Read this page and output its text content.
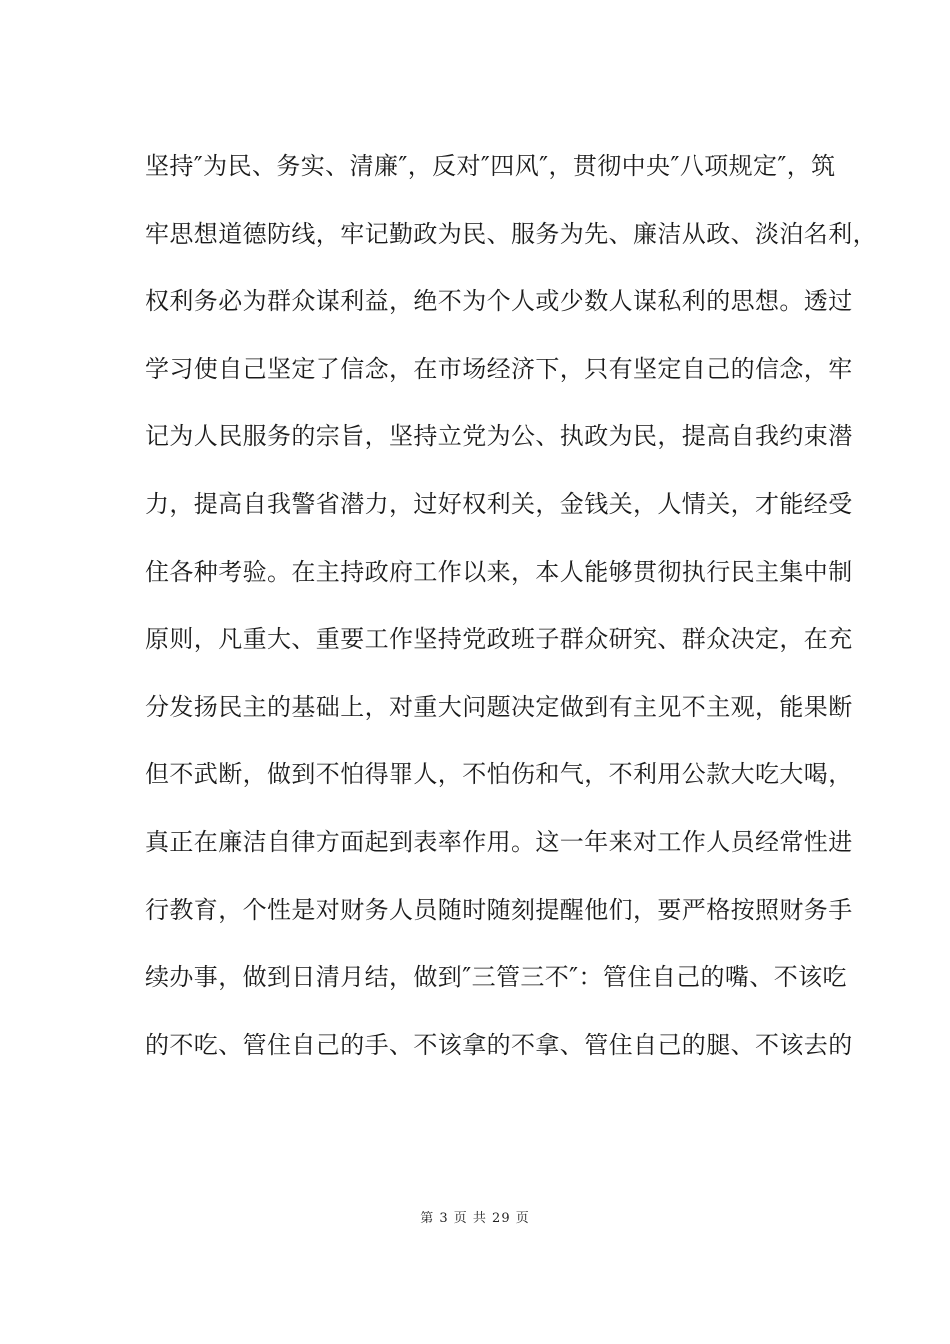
坚持″为民、务实、清廉″，反对″四风″，贯彻中央″八项规定″，筑
牢思想道德防线，牢记勤政为民、服务为先、廉洁从政、淡泊名利，
权利务必为群众谋利益，绝不为个人或少数人谋私利的思想。透过
学习使自己坚定了信念，在市场经济下，只有坚定自己的信念，牢
记为人民服务的宗旨，坚持立党为公、执政为民，提高自我约束潜
力，提高自我警省潜力，过好权利关，金钱关，人情关，才能经受
住各种考验。在主持政府工作以来，本人能够贯彻执行民主集中制
原则，凡重大、重要工作坚持党政班子群众研究、群众决定，在充
分发扬民主的基础上，对重大问题决定做到有主见不主观，能果断
但不武断，做到不怕得罪人，不怕伤和气，不利用公款大吃大喝，
真正在廉洁自律方面起到表率作用。这一年来对工作人员经常性进
行教育，个性是对财务人员随时随刻提醒他们，要严格按照财务手
续办事，做到日清月结，做到″三管三不″：管住自己的嘴、不该吃
的不吃、管住自己的手、不该拿的不拿、管住自己的腿、不该去的
第 3 页 共 29 页
